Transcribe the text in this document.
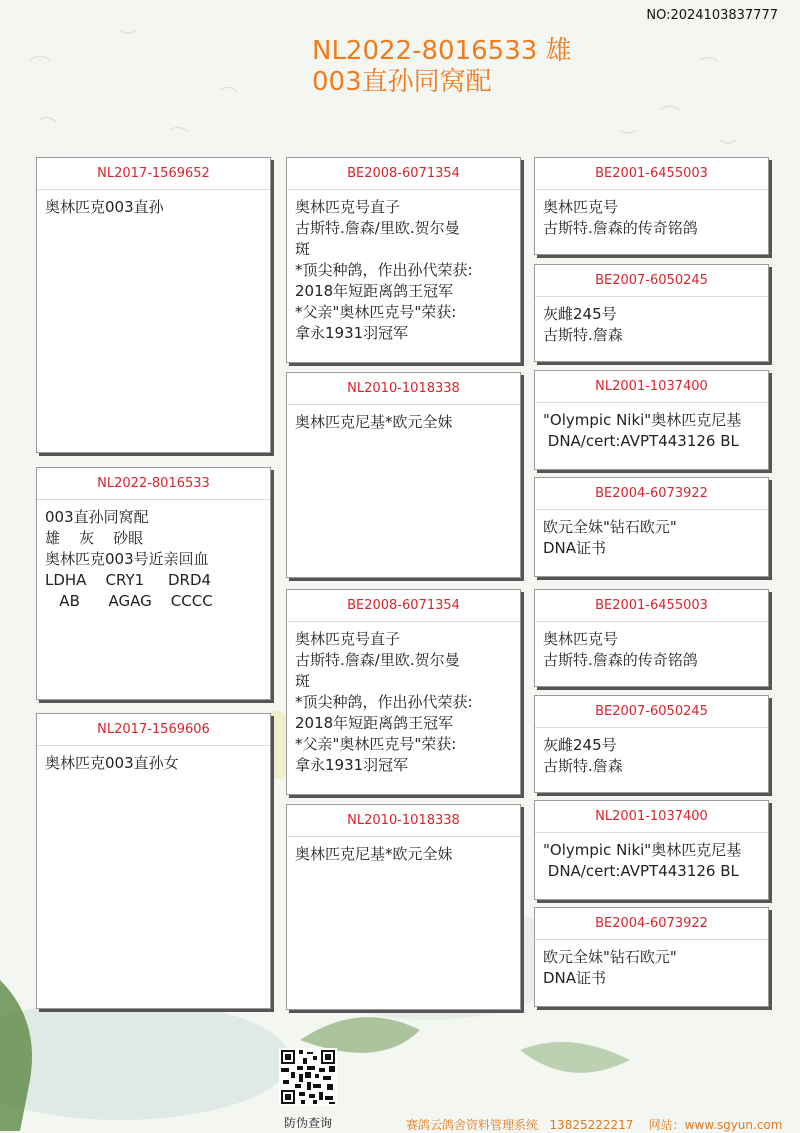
NO:2024103837777
NL2022-8016533 雄
003直孙同窝配
NL2017-1569652
奥林匹克003直孙
NL2022-8016533
003直孙同窝配
雄    灰    砂眼
奥林匹克003号近亲回血
LDHA    CRY1     DRD4
AB      AGAG    CCCC
NL2017-1569606
奥林匹克003直孙女
BE2008-6071354
奥林匹克号直子
古斯特.詹森/里欧.贺尔曼
斑
*顶尖种鸽，作出孙代荣获:
2018年短距离鸽王冠军
*父亲"奥林匹克号"荣获:
拿永1931羽冠军
NL2010-1018338
奥林匹克尼基*欧元全妹
BE2008-6071354
奥林匹克号直子
古斯特.詹森/里欧.贺尔曼
斑
*顶尖种鸽，作出孙代荣获:
2018年短距离鸽王冠军
*父亲"奥林匹克号"荣获:
拿永1931羽冠军
NL2010-1018338
奥林匹克尼基*欧元全妹
BE2001-6455003
奥林匹克号
古斯特.詹森的传奇铭鸽
BE2007-6050245
灰雌245号
古斯特.詹森
NL2001-1037400
"Olympic Niki"奥林匹克尼基
DNA/cert:AVPT443126 BL
BE2004-6073922
欧元全妹"钻石欧元"
DNA证书
BE2001-6455003
奥林匹克号
古斯特.詹森的传奇铭鸽
BE2007-6050245
灰雌245号
古斯特.詹森
NL2001-1037400
"Olympic Niki"奥林匹克尼基
DNA/cert:AVPT443126 BL
BE2004-6073922
欧元全妹"钻石欧元"
DNA证书
防伪查询	赛鸽云鸽舍资料管理系统   13825222217    网站：www.sgyun.com
